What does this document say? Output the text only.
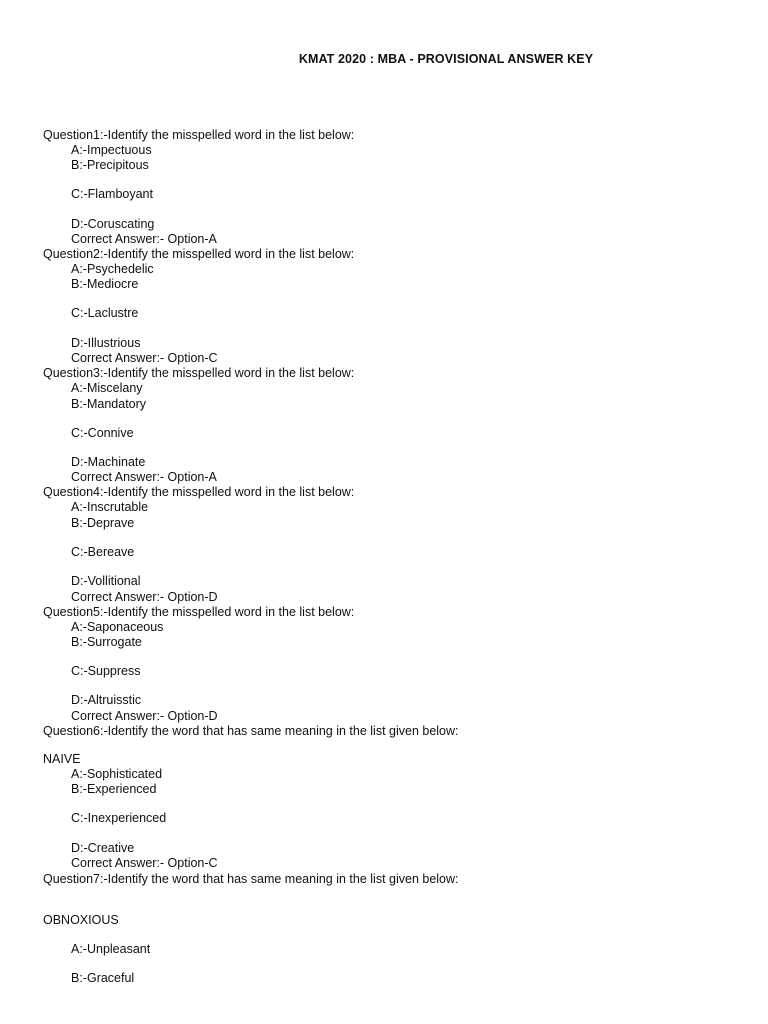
KMAT 2020 : MBA - PROVISIONAL ANSWER KEY
Question1:-Identify the misspelled word in the list below:
A:-Impectuous
B:-Precipitous
C:-Flamboyant
D:-Coruscating
Correct Answer:- Option-A
Question2:-Identify the misspelled word in the list below:
A:-Psychedelic
B:-Mediocre
C:-Laclustre
D:-Illustrious
Correct Answer:- Option-C
Question3:-Identify the misspelled word in the list below:
A:-Miscelany
B:-Mandatory
C:-Connive
D:-Machinate
Correct Answer:- Option-A
Question4:-Identify the misspelled word in the list below:
A:-Inscrutable
B:-Deprave
C:-Bereave
D:-Vollitional
Correct Answer:- Option-D
Question5:-Identify the misspelled word in the list below:
A:-Saponaceous
B:-Surrogate
C:-Suppress
D:-Altruisstic
Correct Answer:- Option-D
Question6:-Identify the word that has same meaning in the list given below:
NAIVE
A:-Sophisticated
B:-Experienced
C:-Inexperienced
D:-Creative
Correct Answer:- Option-C
Question7:-Identify the word that has same meaning in the list given below:
OBNOXIOUS
A:-Unpleasant
B:-Graceful
